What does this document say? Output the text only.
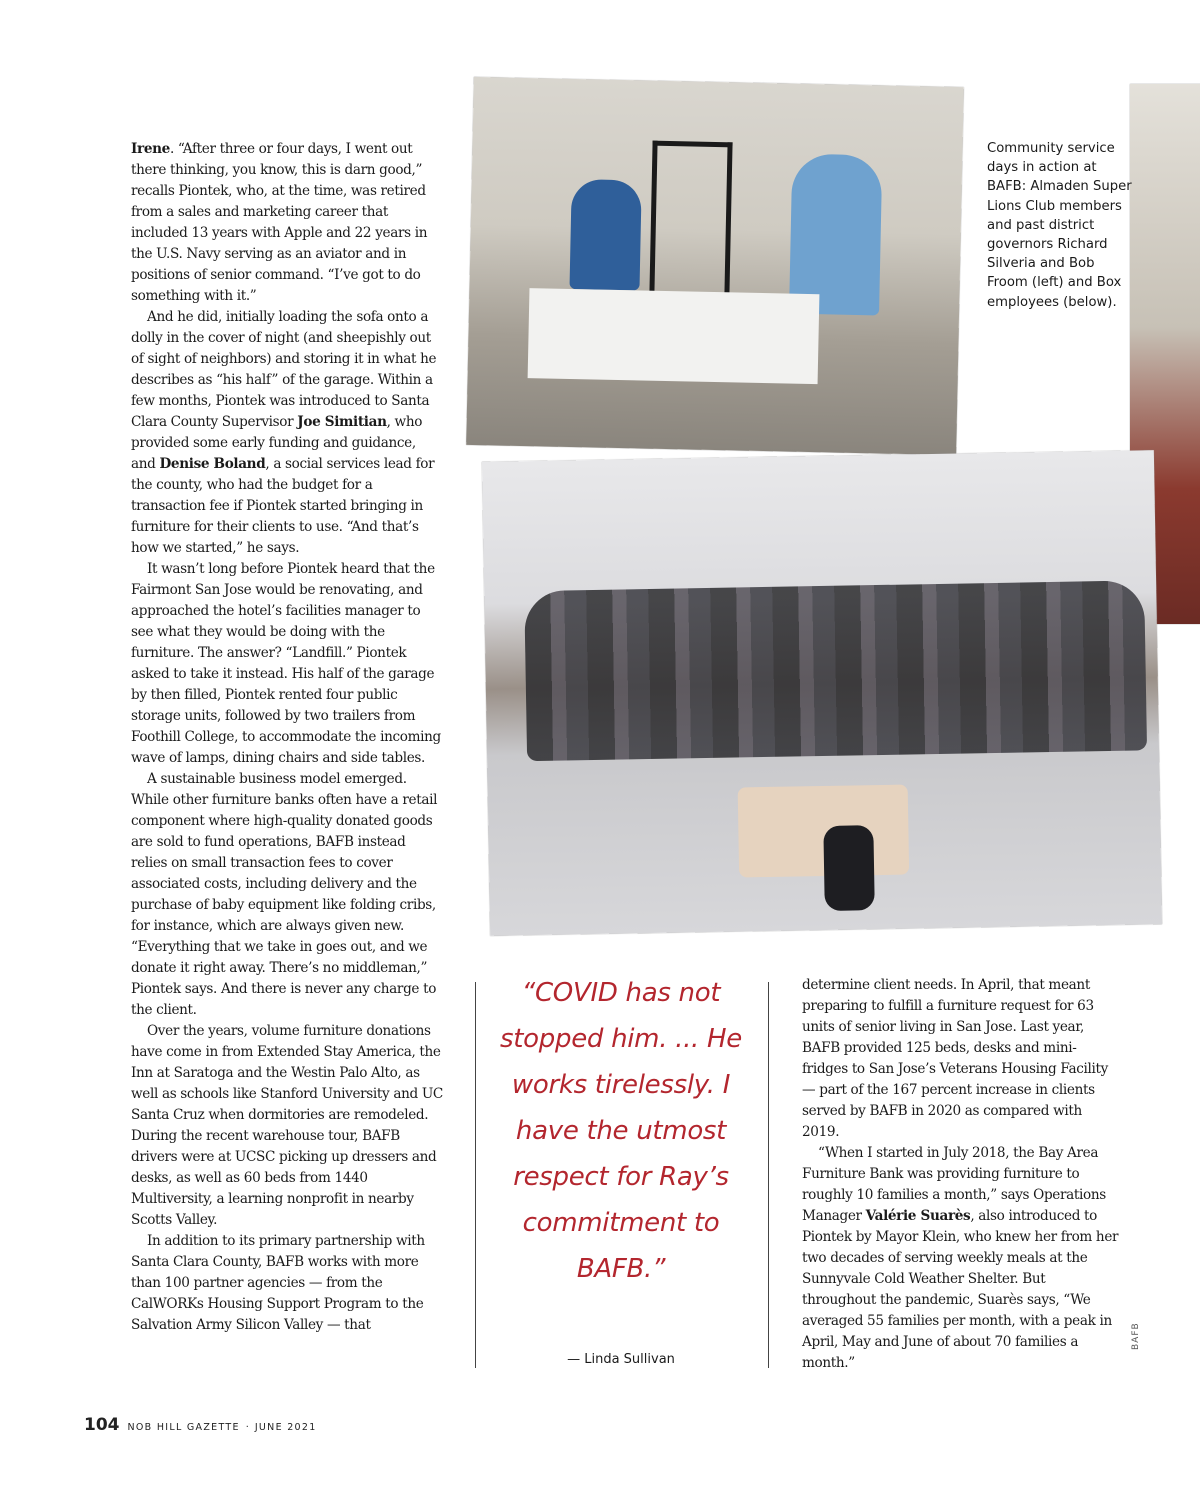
Irene. “After three or four days, I went out there thinking, you know, this is darn good,” recalls Piontek, who, at the time, was retired from a sales and marketing career that included 13 years with Apple and 22 years in the U.S. Navy serving as an aviator and in positions of senior command. “I’ve got to do something with it.”

And he did, initially loading the sofa onto a dolly in the cover of night (and sheepishly out of sight of neighbors) and storing it in what he describes as “his half” of the garage. Within a few months, Piontek was introduced to Santa Clara County Supervisor Joe Simitian, who provided some early funding and guidance, and Denise Boland, a social services lead for the county, who had the budget for a transaction fee if Piontek started bringing in furniture for their clients to use. “And that’s how we started,” he says.

It wasn’t long before Piontek heard that the Fairmont San Jose would be renovating, and approached the hotel’s facilities manager to see what they would be doing with the furniture. The answer? “Landfill.” Piontek asked to take it instead. His half of the garage by then filled, Piontek rented four public storage units, followed by two trailers from Foothill College, to accommodate the incoming wave of lamps, dining chairs and side tables.

A sustainable business model emerged. While other furniture banks often have a retail component where high-quality donated goods are sold to fund operations, BAFB instead relies on small transaction fees to cover associated costs, including delivery and the purchase of baby equipment like folding cribs, for instance, which are always given new. “Everything that we take in goes out, and we donate it right away. There’s no middleman,” Piontek says. And there is never any charge to the client.

Over the years, volume furniture donations have come in from Extended Stay America, the Inn at Saratoga and the Westin Palo Alto, as well as schools like Stanford University and UC Santa Cruz when dormitories are remodeled. During the recent warehouse tour, BAFB drivers were at UCSC picking up dressers and desks, as well as 60 beds from 1440 Multiversity, a learning nonprofit in nearby Scotts Valley.

In addition to its primary partnership with Santa Clara County, BAFB works with more than 100 partner agencies — from the CalWORKs Housing Support Program to the Salvation Army Silicon Valley — that

Community service days in action at BAFB: Almaden Super Lions Club members and past district governors Richard Silveria and Bob Froom (left) and Box employees (below).
“COVID has not stopped him. ... He works tirelessly. I have the utmost respect for Ray’s commitment to BAFB.”
— Linda Sullivan

determine client needs. In April, that meant preparing to fulfill a furniture request for 63 units of senior living in San Jose. Last year, BAFB provided 125 beds, desks and mini-fridges to San Jose’s Veterans Housing Facility — part of the 167 percent increase in clients served by BAFB in 2020 as compared with 2019.

“When I started in July 2018, the Bay Area Furniture Bank was providing furniture to roughly 10 families a month,” says Operations Manager Valérie Suarès, also introduced to Piontek by Mayor Klein, who knew her from her two decades of serving weekly meals at the Sunnyvale Cold Weather Shelter. But throughout the pandemic, Suarès says, “We averaged 55 families per month, with a peak in April, May and June of about 70 families a month.”

BAFB
104 NOB HILL GAZETTE · JUNE 2021
